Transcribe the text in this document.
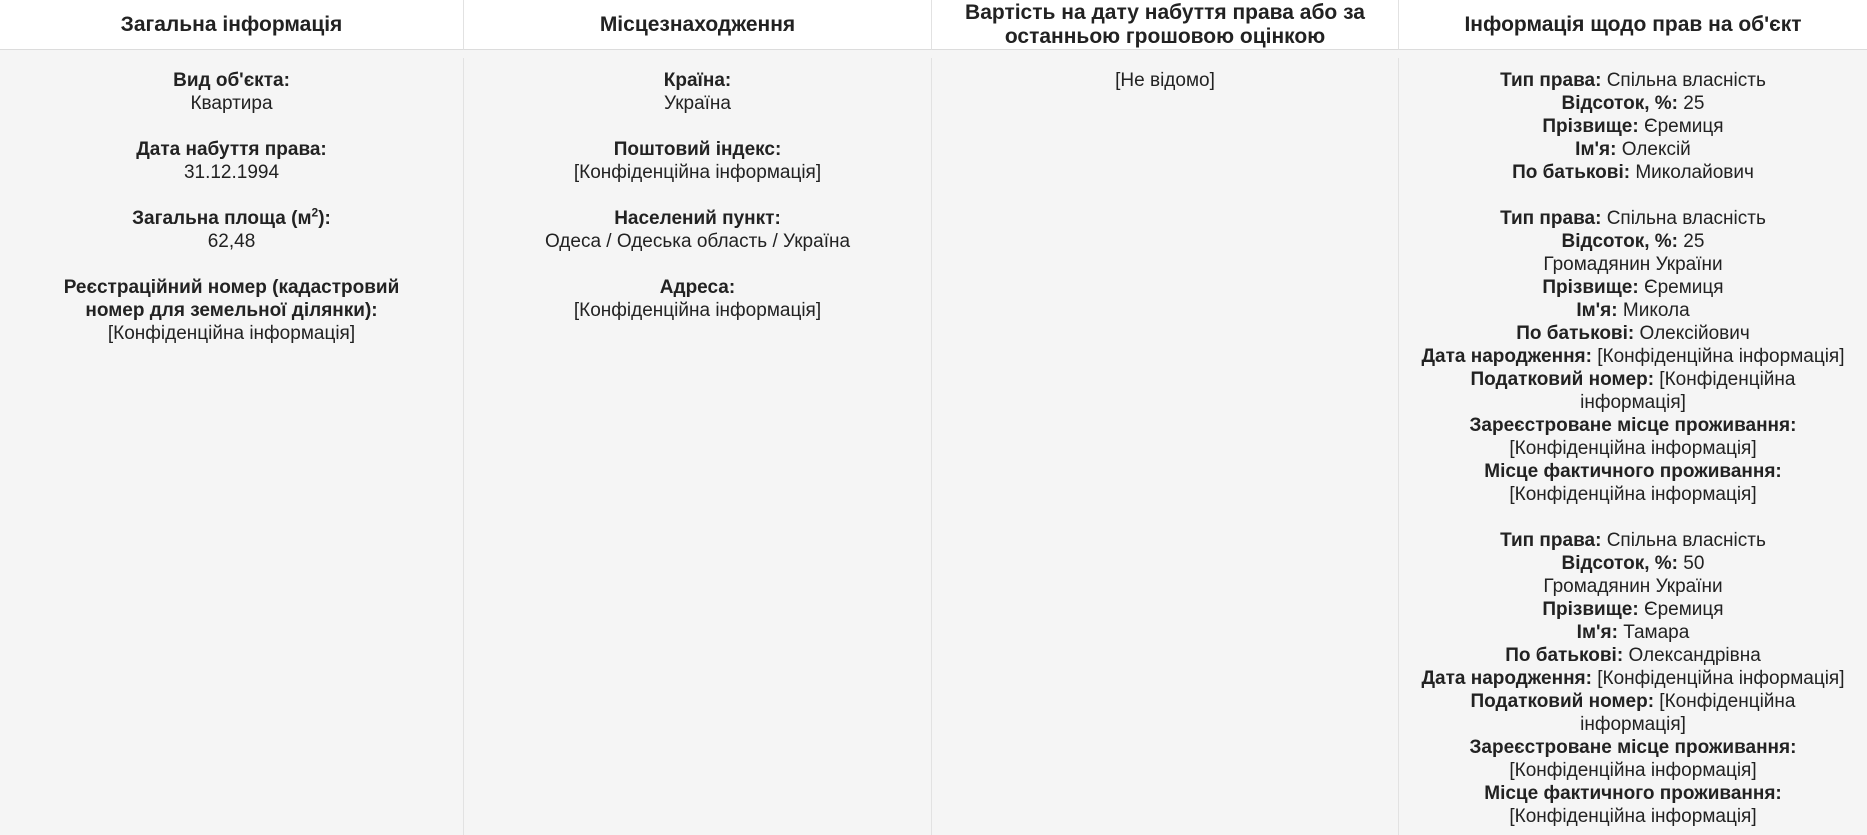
Загальна інформація	Місцезнаходження
Вартість на дату набуття права або за останньою грошовою оцінкою
Інформація щодо прав на об'єкт
Вид об'єкта:
Квартира
Дата набуття права:
31.12.1994
Загальна площа $(м^2)$:
62,48
Реєстраційний номер (кадастровий номер для земельної ділянки):
[Конфіденційна інформація]
Країна:
Україна
Поштовий індекс:
[Конфіденційна інформація]
Населений пункт:
Одеса / Одеська область / Україна
Адреса:
[Конфіденційна інформація]
[Не відомо]	Тип права: Спільна власність
Відсоток, %: 25
Прізвище: Єремиця
Ім'я: Олексій
По батькові: Миколайович
Тип права: Спільна власність
Відсоток, %: 25
Громадянин України
Прізвище: Єремиця
Ім'я: Микола
По батькові: Олексійович
Дата народження: [Конфіденційна інформація]
Податковий номер: [Конфіденційна інформація]
Зареєстроване місце проживання: [Конфіденційна інформація]
Місце фактичного проживання: [Конфіденційна інформація]
Тип права: Спільна власність
Відсоток, %: 50
Громадянин України
Прізвище: Єремиця
Ім'я: Тамара
По батькові: Олександрівна
Дата народження: [Конфіденційна інформація]
Податковий номер: [Конфіденційна інформація]
Зареєстроване місце проживання: [Конфіденційна інформація]
Місце фактичного проживання: [Конфіденційна інформація]
